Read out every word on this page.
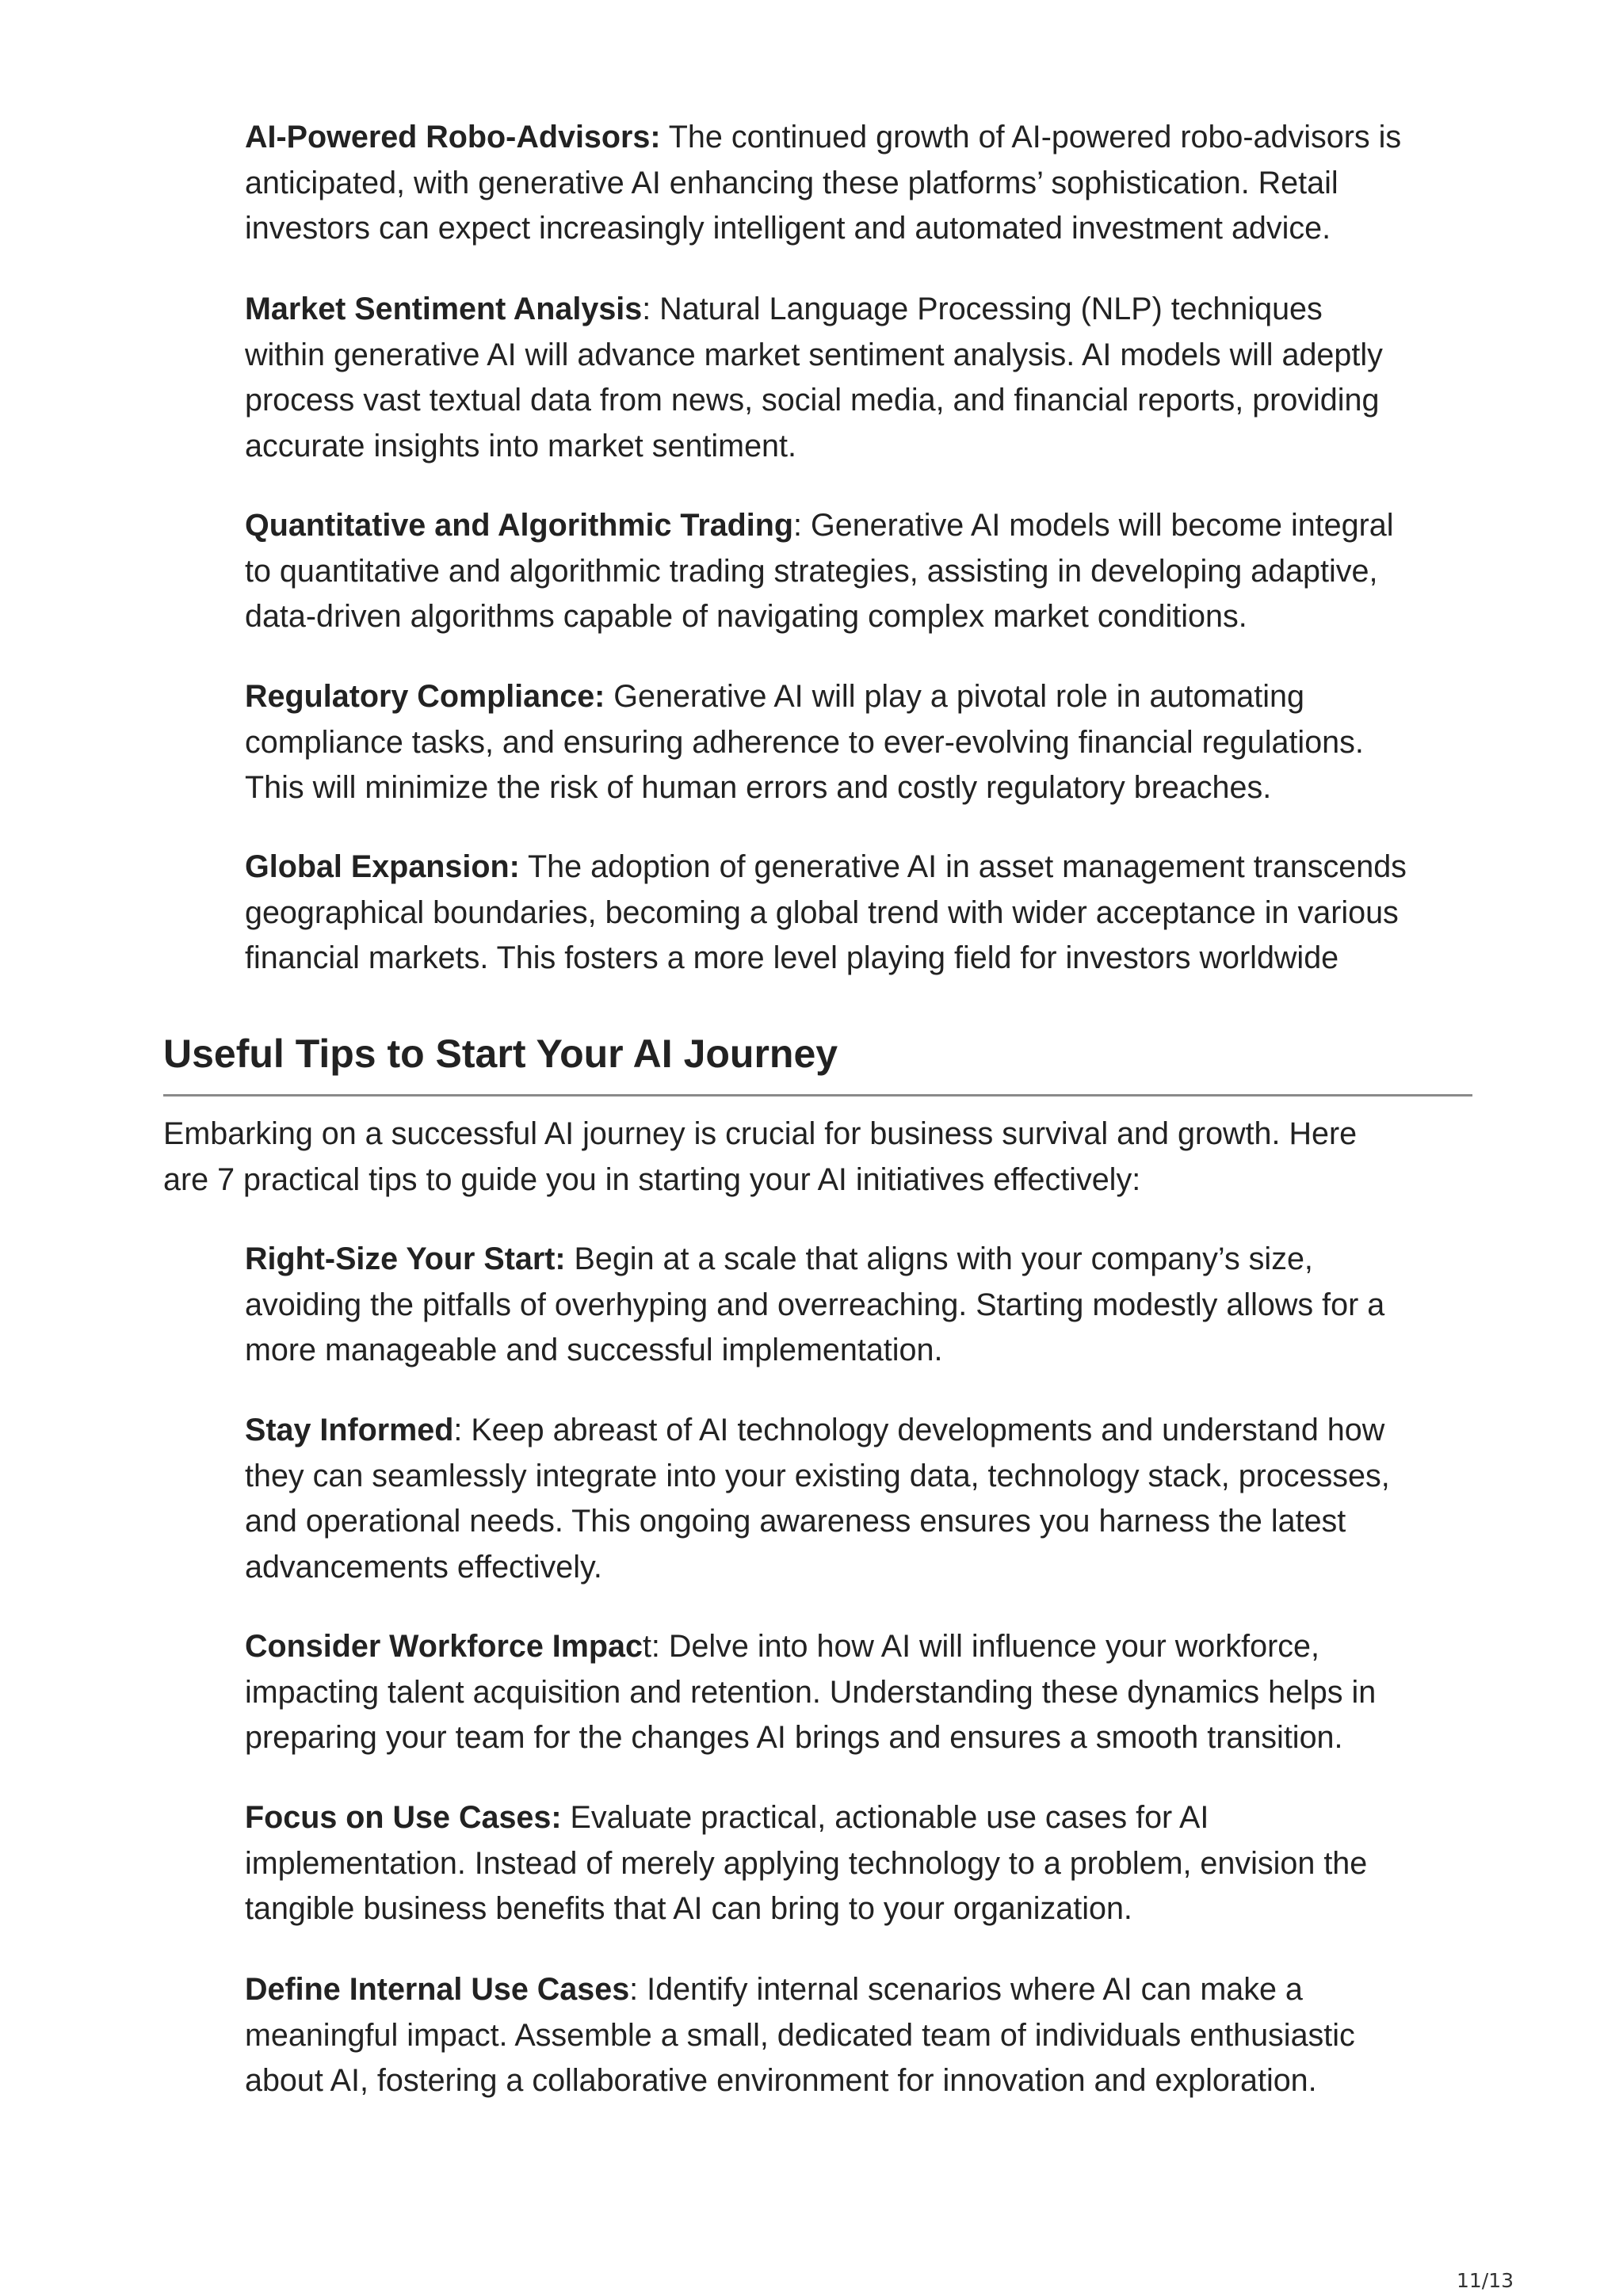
AI-Powered Robo-Advisors: The continued growth of AI-powered robo-advisors is
anticipated, with generative AI enhancing these platforms’ sophistication. Retail
investors can expect increasingly intelligent and automated investment advice.

Market Sentiment Analysis: Natural Language Processing (NLP) techniques
within generative AI will advance market sentiment analysis. AI models will adeptly
process vast textual data from news, social media, and financial reports, providing
accurate insights into market sentiment.

Quantitative and Algorithmic Trading: Generative AI models will become integral
to quantitative and algorithmic trading strategies, assisting in developing adaptive,
data-driven algorithms capable of navigating complex market conditions.

Regulatory Compliance: Generative AI will play a pivotal role in automating
compliance tasks, and ensuring adherence to ever-evolving financial regulations.
This will minimize the risk of human errors and costly regulatory breaches.

Global Expansion: The adoption of generative AI in asset management transcends
geographical boundaries, becoming a global trend with wider acceptance in various
financial markets. This fosters a more level playing field for investors worldwide

Useful Tips to Start Your AI Journey

Embarking on a successful AI journey is crucial for business survival and growth. Here
are 7 practical tips to guide you in starting your AI initiatives effectively:

Right-Size Your Start: Begin at a scale that aligns with your company’s size,
avoiding the pitfalls of overhyping and overreaching. Starting modestly allows for a
more manageable and successful implementation.

Stay Informed: Keep abreast of AI technology developments and understand how
they can seamlessly integrate into your existing data, technology stack, processes,
and operational needs. This ongoing awareness ensures you harness the latest
advancements effectively.

Consider Workforce Impact: Delve into how AI will influence your workforce,
impacting talent acquisition and retention. Understanding these dynamics helps in
preparing your team for the changes AI brings and ensures a smooth transition.

Focus on Use Cases: Evaluate practical, actionable use cases for AI
implementation. Instead of merely applying technology to a problem, envision the
tangible business benefits that AI can bring to your organization.

Define Internal Use Cases: Identify internal scenarios where AI can make a
meaningful impact. Assemble a small, dedicated team of individuals enthusiastic
about AI, fostering a collaborative environment for innovation and exploration.

11/13
